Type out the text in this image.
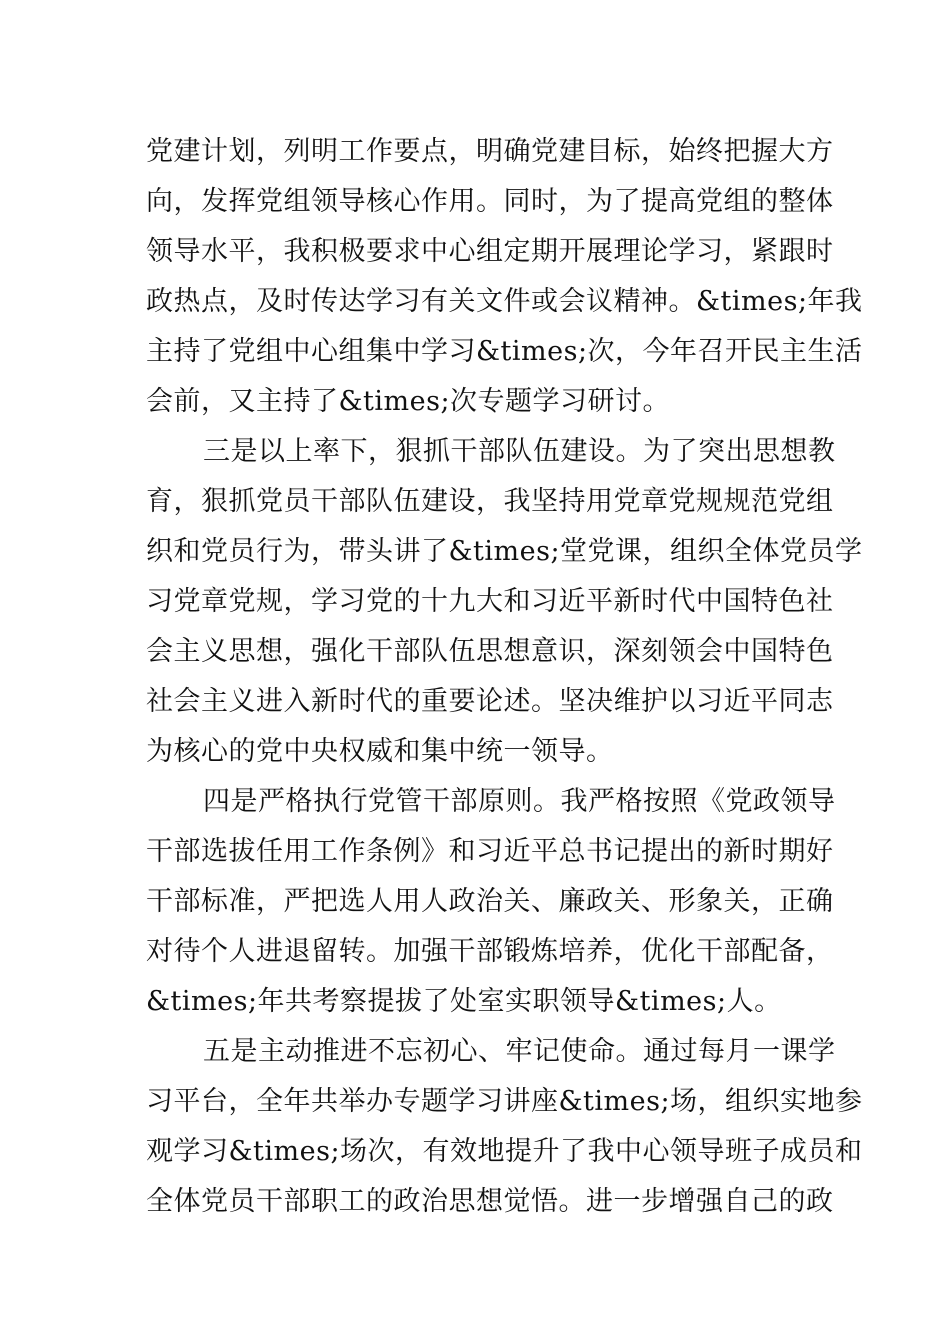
党建计划，列明工作要点，明确党建目标，始终把握大方
向，发挥党组领导核心作用。同时，为了提高党组的整体
领导水平，我积极要求中心组定期开展理论学习，紧跟时
政热点，及时传达学习有关文件或会议精神。&times;年我
主持了党组中心组集中学习&times;次，今年召开民主生活
会前，又主持了&times;次专题学习研讨。
三是以上率下，狠抓干部队伍建设。为了突出思想教
育，狠抓党员干部队伍建设，我坚持用党章党规规范党组
织和党员行为，带头讲了&times;堂党课，组织全体党员学
习党章党规，学习党的十九大和习近平新时代中国特色社
会主义思想，强化干部队伍思想意识，深刻领会中国特色
社会主义进入新时代的重要论述。坚决维护以习近平同志
为核心的党中央权威和集中统一领导。
四是严格执行党管干部原则。我严格按照《党政领导
干部选拔任用工作条例》和习近平总书记提出的新时期好
干部标准，严把选人用人政治关、廉政关、形象关，正确
对待个人进退留转。加强干部锻炼培养，优化干部配备，
&times;年共考察提拔了处室实职领导&times;人。
五是主动推进不忘初心、牢记使命。通过每月一课学
习平台，全年共举办专题学习讲座&times;场，组织实地参
观学习&times;场次，有效地提升了我中心领导班子成员和
全体党员干部职工的政治思想觉悟。进一步增强自己的政
